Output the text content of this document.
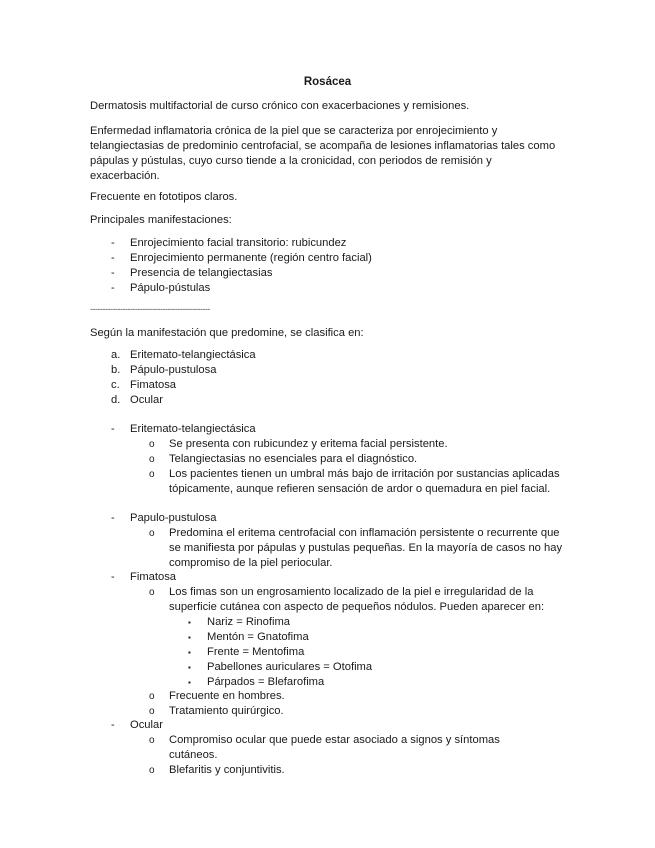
Rosácea

Dermatosis multifactorial de curso crónico con exacerbaciones y remisiones.

Enfermedad inflamatoria crónica de la piel que se caracteriza por enrojecimiento y telangiectasias de predominio centrofacial, se acompaña de lesiones inflamatorias tales como pápulas y pústulas, cuyo curso tiende a la cronicidad, con periodos de remisión y exacerbación.

Frecuente en fototipos claros.

Principales manifestaciones:

- Enrojecimiento facial transitorio: rubicundez
- Enrojecimiento permanente (región centro facial)
- Presencia de telangiectasias
- Pápulo-pústulas
------------------------------------------------

Según la manifestación que predomine, se clasifica en:

a. Eritemato-telangiectásica
b. Pápulo-pustulosa
c. Fimatosa
d. Ocular
- Eritemato-telangiectásica
o Se presenta con rubicundez y eritema facial persistente.
o Telangiectasias no esenciales para el diagnóstico.
o Los pacientes tienen un umbral más bajo de irritación por sustancias aplicadas tópicamente, aunque refieren sensación de ardor o quemadura en piel facial.
- Papulo-pustulosa
o Predomina el eritema centrofacial con inflamación persistente o recurrente que se manifiesta por pápulas y pustulas pequeñas. En la mayoría de casos no hay compromiso de la piel periocular.
- Fimatosa
o Los fimas son un engrosamiento localizado de la piel e irregularidad de la superficie cutánea con aspecto de pequeños nódulos. Pueden aparecer en:
▪ Nariz = Rinofima
▪ Mentón = Gnatofima
▪ Frente = Mentofima
▪ Pabellones auriculares = Otofima
▪ Párpados = Blefarofima
o Frecuente en hombres.
o Tratamiento quirúrgico.
- Ocular
o Compromiso ocular que puede estar asociado a signos y síntomas cutáneos.
o Blefaritis y conjuntivitis.
